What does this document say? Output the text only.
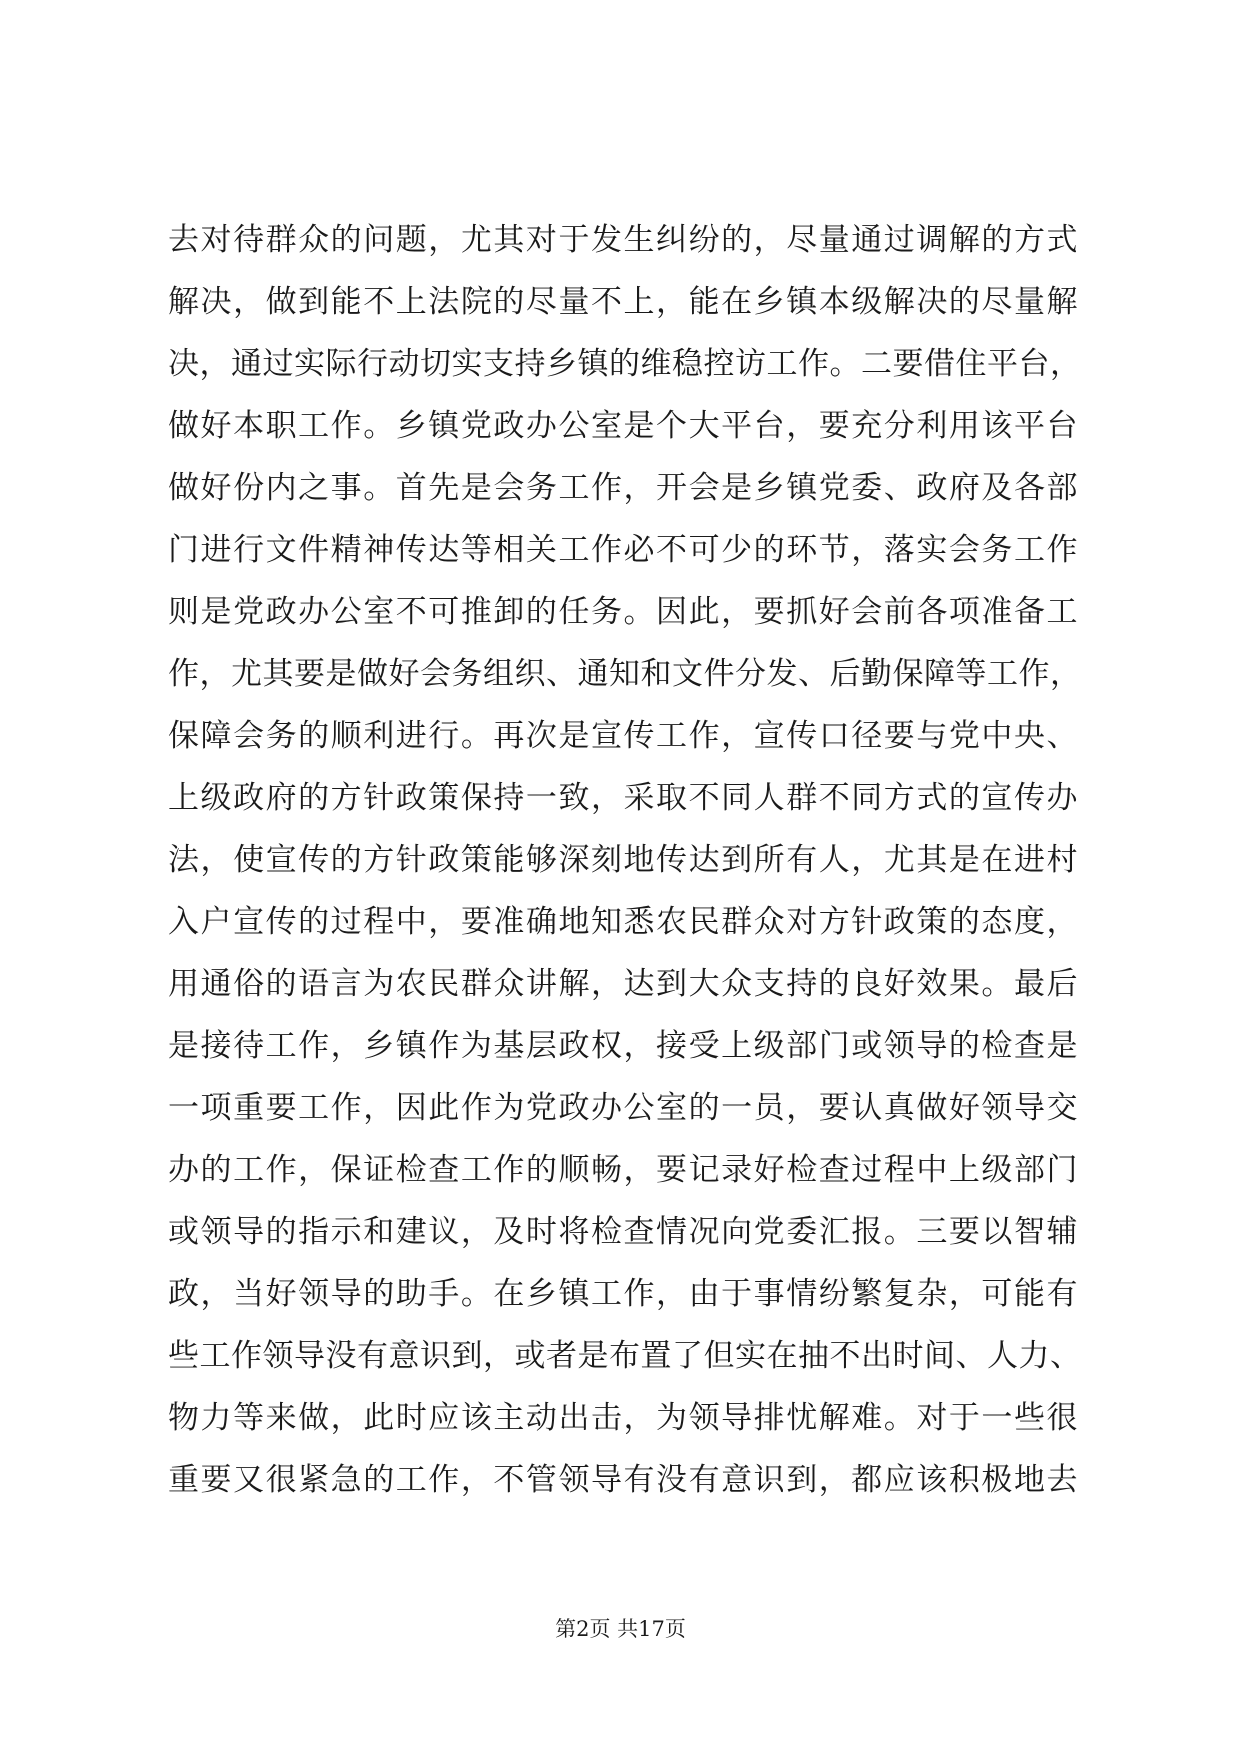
去对待群众的问题，尤其对于发生纠纷的，尽量通过调解的方式
解决，做到能不上法院的尽量不上，能在乡镇本级解决的尽量解
决，通过实际行动切实支持乡镇的维稳控访工作。二要借住平台，
做好本职工作。乡镇党政办公室是个大平台，要充分利用该平台
做好份内之事。首先是会务工作，开会是乡镇党委、政府及各部
门进行文件精神传达等相关工作必不可少的环节，落实会务工作
则是党政办公室不可推卸的任务。因此，要抓好会前各项准备工
作，尤其要是做好会务组织、通知和文件分发、后勤保障等工作，
保障会务的顺利进行。再次是宣传工作，宣传口径要与党中央、
上级政府的方针政策保持一致，采取不同人群不同方式的宣传办
法，使宣传的方针政策能够深刻地传达到所有人，尤其是在进村
入户宣传的过程中，要准确地知悉农民群众对方针政策的态度，
用通俗的语言为农民群众讲解，达到大众支持的良好效果。最后
是接待工作，乡镇作为基层政权，接受上级部门或领导的检查是
一项重要工作，因此作为党政办公室的一员，要认真做好领导交
办的工作，保证检查工作的顺畅，要记录好检查过程中上级部门
或领导的指示和建议，及时将检查情况向党委汇报。三要以智辅
政，当好领导的助手。在乡镇工作，由于事情纷繁复杂，可能有
些工作领导没有意识到，或者是布置了但实在抽不出时间、人力、
物力等来做，此时应该主动出击，为领导排忧解难。对于一些很
重要又很紧急的工作，不管领导有没有意识到，都应该积极地去
第2页 共17页
